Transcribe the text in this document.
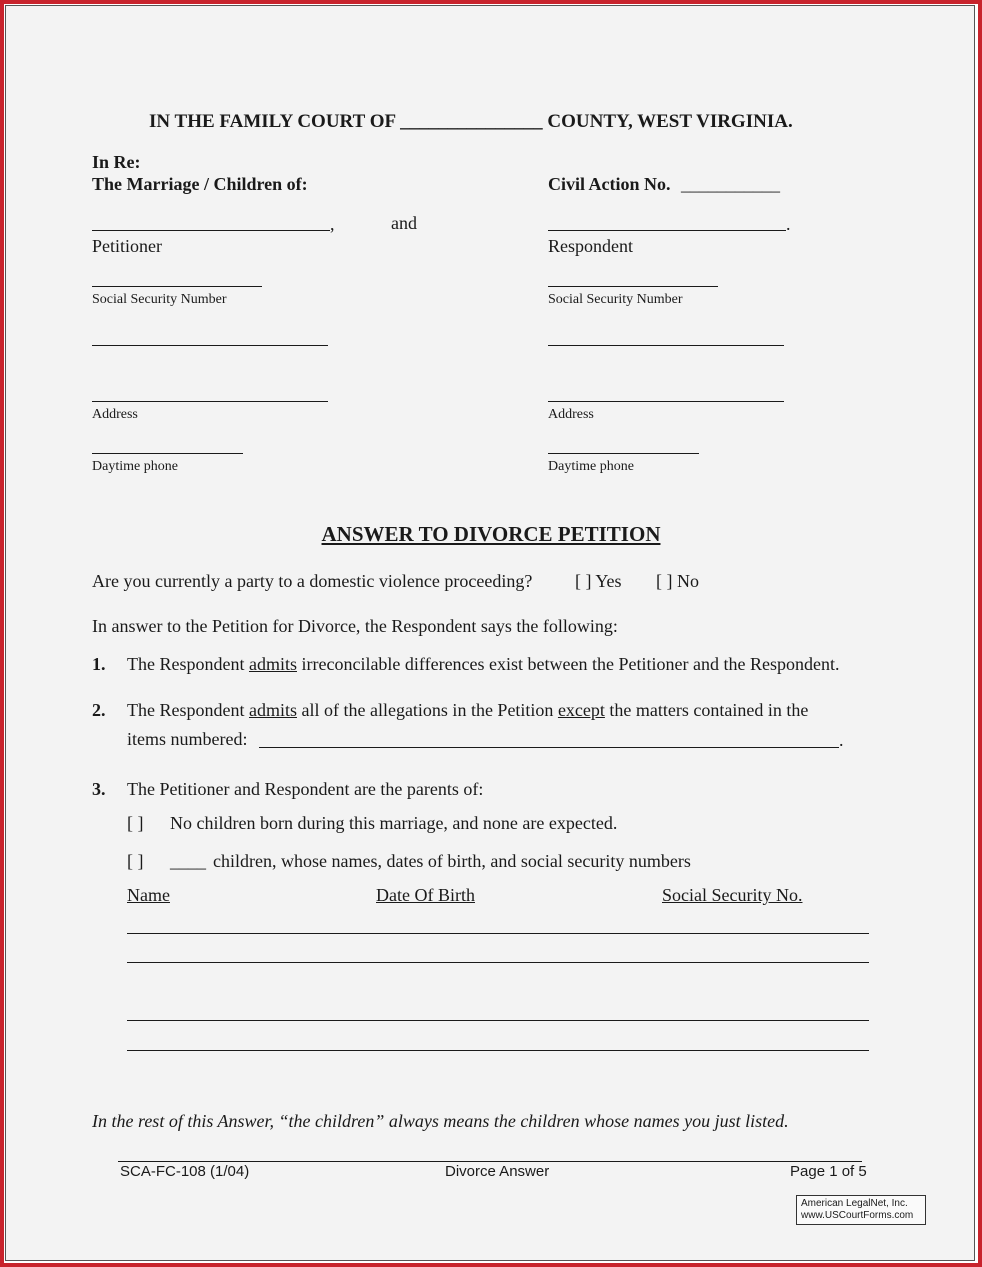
IN THE FAMILY COURT OF _______________ COUNTY, WEST VIRGINIA.
In Re:
The Marriage / Children of:	Civil Action No. ___________
,	and	.
Petitioner	Respondent
Social Security Number	Social Security Number
Address	Address
Daytime phone	Daytime phone
ANSWER TO DIVORCE PETITION
Are you currently a party to a domestic violence proceeding? [ ] Yes [ ] No
In answer to the Petition for Divorce, the Respondent says the following:
1. The Respondent admits irreconcilable differences exist between the Petitioner and the Respondent.
2. The Respondent admits all of the allegations in the Petition except the matters contained in the
items numbered:	.
3. The Petitioner and Respondent are the parents of:
[ ] No children born during this marriage, and none are expected.
[ ] ____ children, whose names, dates of birth, and social security numbers
Name	Date Of Birth	Social Security No.
In the rest of this Answer, “the children” always means the children whose names you just listed.
SCA-FC-108 (1/04)	Divorce Answer	Page 1 of 5
American LegalNet, Inc.
www.USCourtForms.com
